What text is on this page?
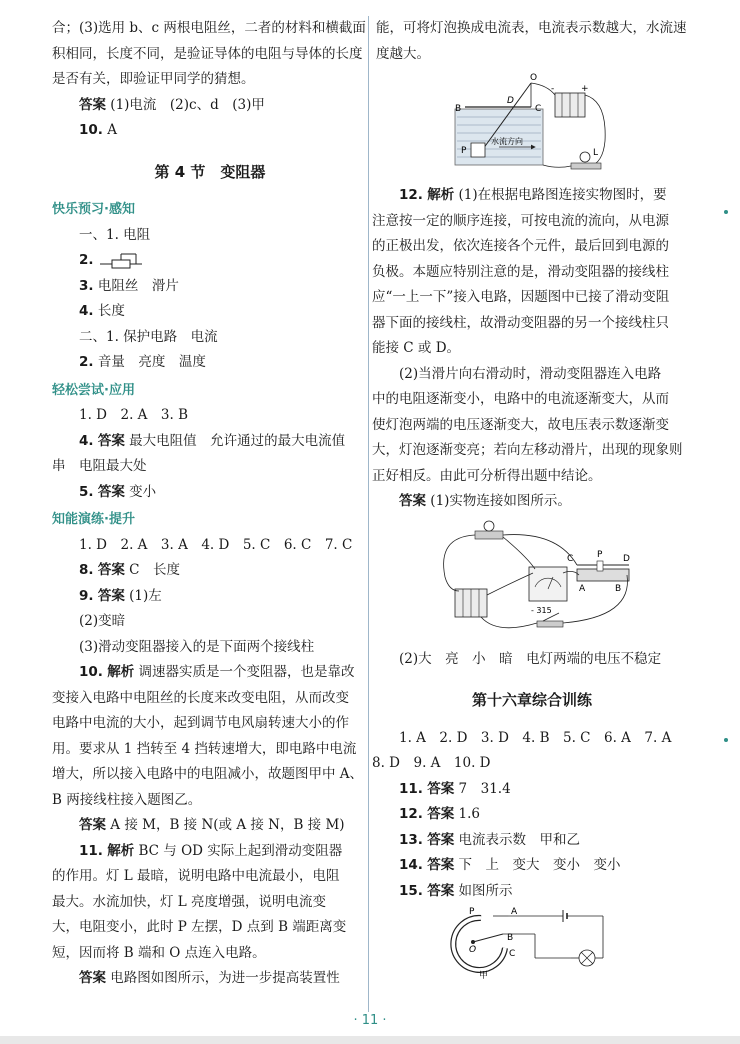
合；(3)选用 b、c 两根电阻丝，二者的材料和横截面

积相同，长度不同，是验证导体的电阻与导体的长度

是否有关，即验证甲同学的猜想。

答案 (1)电流　(2)c、d　(3)甲

10. A

第 4 节　变阻器

快乐预习·感知

一、1. 电阻

2.

3. 电阻丝　滑片

4. 长度

二、1. 保护电路　电流

2. 音量　亮度　温度

轻松尝试·应用

1. D　2. A　3. B

4. 答案 最大电阻值　允许通过的最大电流值

串　电阻最大处

5. 答案 变小

知能演练·提升

1. D　2. A　3. A　4. D　5. C　6. C　7. C

8. 答案 C　长度

9. 答案 (1)左

(2)变暗

(3)滑动变阻器接入的是下面两个接线柱

10. 解析 调速器实质是一个变阻器，也是靠改

变接入电路中电阻丝的长度来改变电阻，从而改变

电路中电流的大小，起到调节电风扇转速大小的作

用。要求从 1 挡转至 4 挡转速增大，即电路中电流

增大，所以接入电路中的电阻减小，故题图甲中 A、

B 两接线柱接入题图乙。

答案 A 接 M，B 接 N(或 A 接 N，B 接 M)

11. 解析 BC 与 OD 实际上起到滑动变阻器

的作用。灯 L 最暗，说明电路中电流最小，电阻

最大。水流加快，灯 L 亮度增强，说明电流变

大，电阻变小，此时 P 左摆，D 点到 B 端距离变

短，因而将 B 端和 O 点连入电路。

答案 电路图如图所示，为进一步提高装置性

能，可将灯泡换成电流表，电流表示数越大，水流速

度越大。

O
B	C
D
P	L
水流方向
-	+

12. 解析 (1)在根据电路图连接实物图时，要

注意按一定的顺序连接，可按电流的流向，从电源

的正极出发，依次连接各个元件，最后回到电源的

负极。本题应特别注意的是，滑动变阻器的接线柱

应“一上一下”接入电路，因题图中已接了滑动变阻

器下面的接线柱，故滑动变阻器的另一个接线柱只

能接 C 或 D。

(2)当滑片向右滑动时，滑动变阻器连入电路

中的电阻逐渐变小，电路中的电流逐渐变大，从而

使灯泡两端的电压逐渐变大，故电压表示数逐渐变

大，灯泡逐渐变亮；若向左移动滑片，出现的现象则

正好相反。由此可分析得出题中结论。

答案 (1)实物连接如图所示。

C	P D
A	B
- 315

(2)大　亮　小　暗　电灯两端的电压不稳定

第十六章综合训练

1. A　2. D　3. D　4. B　5. C　6. A　7. A

8. D　9. A　10. D

11. 答案 7　31.4

12. 答案 1.6

13. 答案 电流表示数　甲和乙

14. 答案 下　上　变大　变小　变小

15. 答案 如图所示

P	A
O
B
C
甲
· 11 ·
